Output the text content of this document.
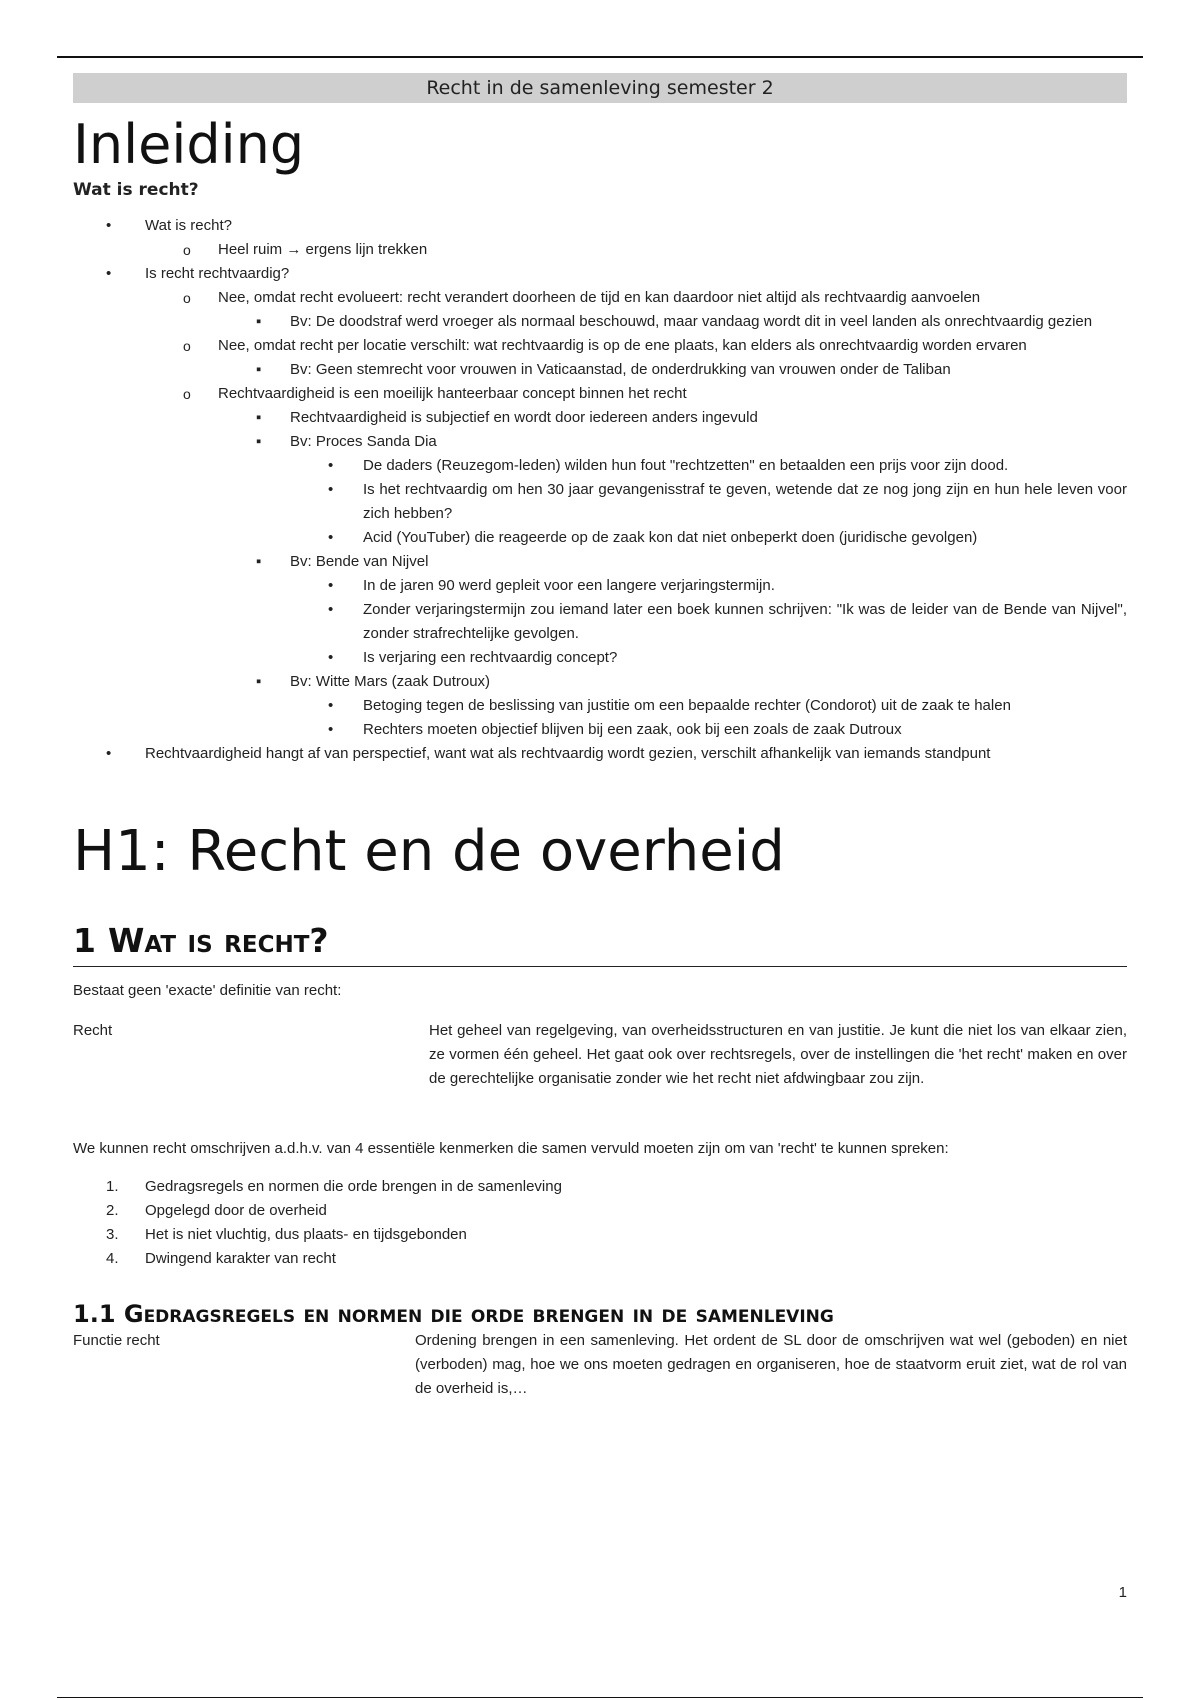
Recht in de samenleving semester 2
Inleiding
Wat is recht?
• Wat is recht?
o Heel ruim → ergens lijn trekken
• Is recht rechtvaardig?
o Nee, omdat recht evolueert: recht verandert doorheen de tijd en kan daardoor niet altijd als rechtvaardig aanvoelen
▪ Bv: De doodstraf werd vroeger als normaal beschouwd, maar vandaag wordt dit in veel landen als onrechtvaardig gezien
o Nee, omdat recht per locatie verschilt: wat rechtvaardig is op de ene plaats, kan elders als onrechtvaardig worden ervaren
▪ Bv: Geen stemrecht voor vrouwen in Vaticaanstad, de onderdrukking van vrouwen onder de Taliban
o Rechtvaardigheid is een moeilijk hanteerbaar concept binnen het recht
▪ Rechtvaardigheid is subjectief en wordt door iedereen anders ingevuld
▪ Bv: Proces Sanda Dia
• De daders (Reuzegom-leden) wilden hun fout "rechtzetten" en betaalden een prijs voor zijn dood.
• Is het rechtvaardig om hen 30 jaar gevangenisstraf te geven, wetende dat ze nog jong zijn en hun hele leven voor zich hebben?
• Acid (YouTuber) die reageerde op de zaak kon dat niet onbeperkt doen (juridische gevolgen)
▪ Bv: Bende van Nijvel
• In de jaren 90 werd gepleit voor een langere verjaringstermijn.
• Zonder verjaringstermijn zou iemand later een boek kunnen schrijven: "Ik was de leider van de Bende van Nijvel", zonder strafrechtelijke gevolgen.
• Is verjaring een rechtvaardig concept?
▪ Bv: Witte Mars (zaak Dutroux)
• Betoging tegen de beslissing van justitie om een bepaalde rechter (Condorot) uit de zaak te halen
• Rechters moeten objectief blijven bij een zaak, ook bij een zoals de zaak Dutroux
• Rechtvaardigheid hangt af van perspectief, want wat als rechtvaardig wordt gezien, verschilt afhankelijk van iemands standpunt
H1: Recht en de overheid
1 Wat is recht?

Bestaat geen 'exacte' definitie van recht:

Recht	Het geheel van regelgeving, van overheidsstructuren en van justitie. Je kunt die niet los van elkaar zien, ze vormen één geheel. Het gaat ook over rechtsregels, over de instellingen die 'het recht' maken en over de gerechtelijke organisatie zonder wie het recht niet afdwingbaar zou zijn.

We kunnen recht omschrijven a.d.h.v. van 4 essentiële kenmerken die samen vervuld moeten zijn om van 'recht' te kunnen spreken:

1. Gedragsregels en normen die orde brengen in de samenleving
2. Opgelegd door de overheid
3. Het is niet vluchtig, dus plaats- en tijdsgebonden
4. Dwingend karakter van recht
1.1 Gedragsregels en normen die orde brengen in de samenleving
Functie recht	Ordening brengen in een samenleving. Het ordent de SL door de omschrijven wat wel (geboden) en niet (verboden) mag, hoe we ons moeten gedragen en organiseren, hoe de staatvorm eruit ziet, wat de rol van de overheid is,…
1
